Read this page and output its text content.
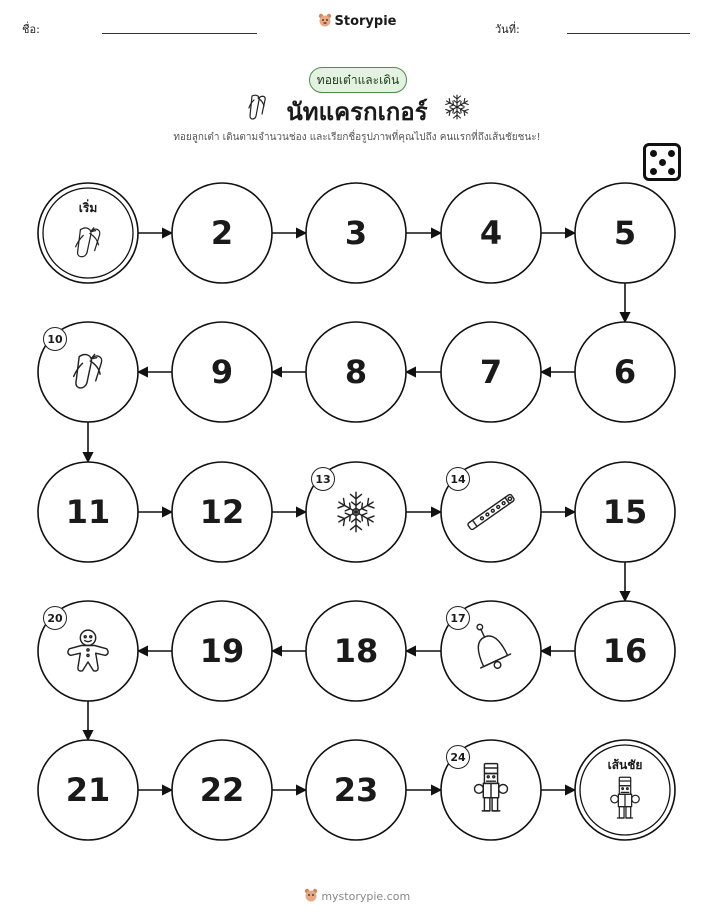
ชื่อ:
Storypie
วันที่:
ทอยเต๋าและเดิน
นัทแครกเกอร์
ทอยลูกเต๋า เดินตามจำนวนช่อง และเรียกชื่อรูปภาพที่คุณไปถึง คนแรกที่ถึงเส้นชัยชนะ!
เริ่ม
2	3	4	5
6
7
8
9
10
11	12
13	14
15
16
17
18
19
20
21	22	23
24
เส้นชัย
mystorypie.com
